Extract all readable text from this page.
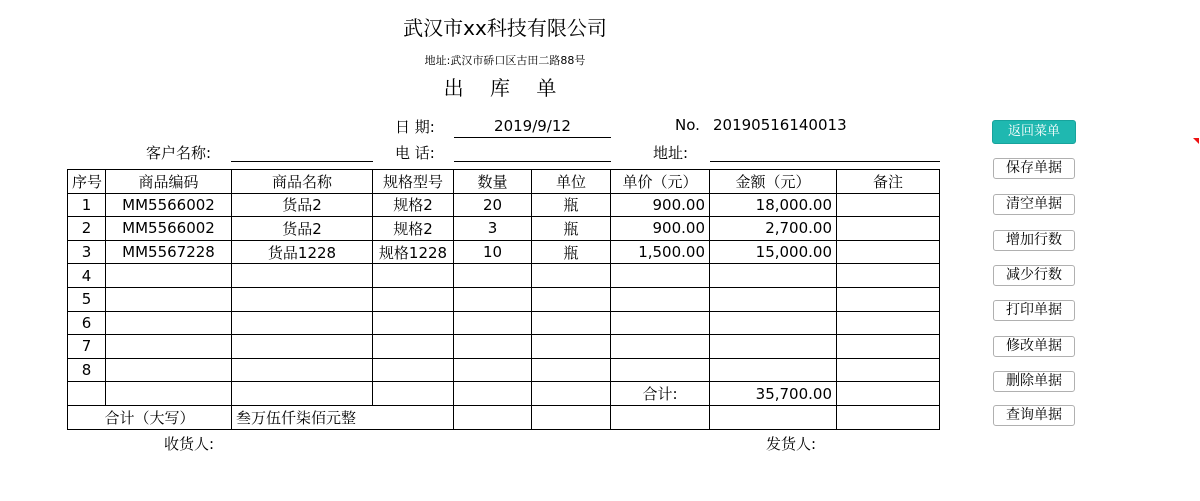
武汉市xx科技有限公司
地址:武汉市硚口区古田二路88号
出 库 单
日 期:	2019/9/12	No. 20190516140013
客户名称:	电 话:	地址:
序号	商品编码	商品名称	规格型号	数量	单位	单价（元）	金额（元）	备注
1	MM5566002	货品2	规格2	20	瓶	900.00	18,000.00	
2	MM5566002	货品2	规格2	3	瓶	900.00	2,700.00	
3	MM5567228	货品1228	规格1228	10	瓶	1,500.00	15,000.00	
4								
5								
6								
7								
8								
						合计:	35,700.00	
合计（大写）		叁万伍仟柒佰元整						
收货人:	发货人:
返回菜单
保存单据
清空单据
增加行数
减少行数
打印单据
修改单据
删除单据
查询单据
